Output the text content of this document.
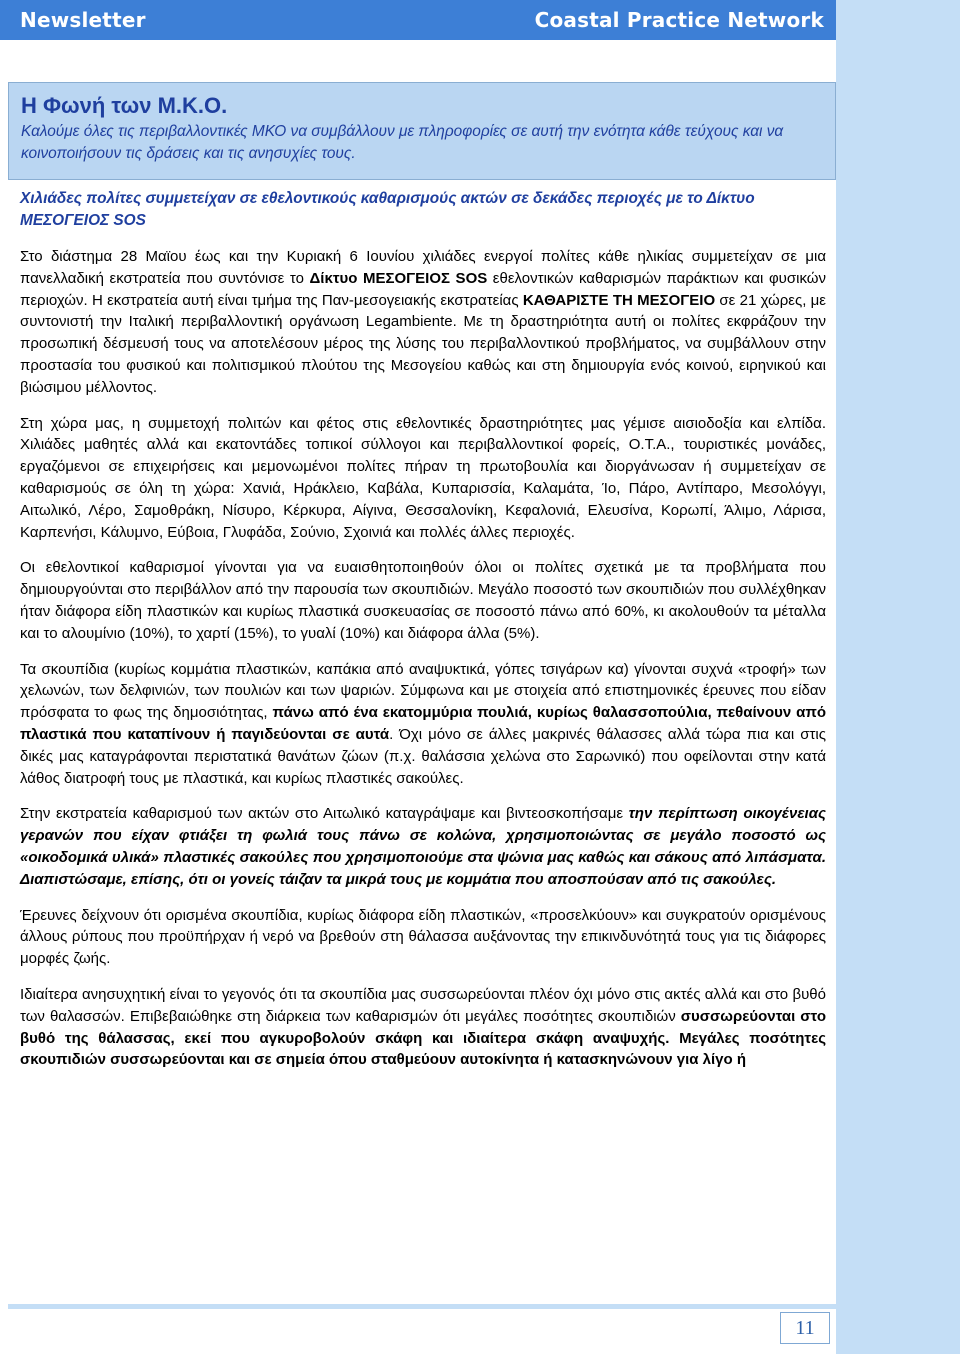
Newsletter	Coastal Practice Network
Η Φωνή των Μ.Κ.Ο.
Καλούμε όλες τις περιβαλλοντικές ΜΚΟ να συμβάλλουν με πληροφορίες σε αυτή την ενότητα κάθε τεύχους και να κοινοποιήσουν τις δράσεις και τις ανησυχίες τους.
Χιλιάδες πολίτες συμμετείχαν σε εθελοντικούς καθαρισμούς ακτών σε δεκάδες περιοχές με το Δίκτυο ΜΕΣΟΓΕΙΟΣ SOS

Στο διάστημα 28 Μαϊου έως και την Κυριακή 6 Ιουνίου χιλιάδες ενεργοί πολίτες κάθε ηλικίας συμμετείχαν σε μια πανελλαδική εκστρατεία που συντόνισε το Δίκτυο ΜΕΣΟΓΕΙΟΣ SOS εθελοντικών καθαρισμών παράκτιων και φυσικών περιοχών. Η εκστρατεία αυτή είναι τμήμα της Παν-μεσογειακής εκστρατείας ΚΑΘΑΡΙΣΤΕ ΤΗ ΜΕΣΟΓΕΙΟ σε 21 χώρες, με συντονιστή την Ιταλική περιβαλλοντική οργάνωση Legambiente. Με τη δραστηριότητα αυτή οι πολίτες εκφράζουν την προσωπική δέσμευσή τους να αποτελέσουν μέρος της λύσης του περιβαλλοντικού προβλήματος, να συμβάλλουν στην προστασία του φυσικού και πολιτισμικού πλούτου της Μεσογείου καθώς και στη δημιουργία ενός κοινού, ειρηνικού και βιώσιμου μέλλοντος.

Στη χώρα μας, η συμμετοχή πολιτών και φέτος στις εθελοντικές δραστηριότητες μας γέμισε αισιοδοξία και ελπίδα. Χιλιάδες μαθητές αλλά και εκατοντάδες τοπικοί σύλλογοι και περιβαλλοντικοί φορείς, Ο.Τ.Α., τουριστικές μονάδες, εργαζόμενοι σε επιχειρήσεις και μεμονωμένοι πολίτες πήραν τη πρωτοβουλία και διοργάνωσαν ή συμμετείχαν σε καθαρισμούς σε όλη τη χώρα: Χανιά, Ηράκλειο, Καβάλα, Κυπαρισσία, Καλαμάτα, Ίο, Πάρο, Αντίπαρο, Μεσολόγγι, Αιτωλικό, Λέρο, Σαμοθράκη, Νίσυρο, Κέρκυρα, Αίγινα, Θεσσαλονίκη, Κεφαλονιά, Ελευσίνα, Κορωπί, Άλιμο, Λάρισα, Καρπενήσι, Κάλυμνο, Εύβοια, Γλυφάδα, Σούνιο, Σχοινιά και πολλές άλλες περιοχές.

Οι εθελοντικοί καθαρισμοί γίνονται για να ευαισθητοποιηθούν όλοι οι πολίτες σχετικά με τα προβλήματα που δημιουργούνται στο περιβάλλον από την παρουσία των σκουπιδιών. Μεγάλο ποσοστό των σκουπιδιών που συλλέχθηκαν ήταν διάφορα είδη πλαστικών και κυρίως πλαστικά συσκευασίας σε ποσοστό πάνω από 60%, κι ακολουθούν τα μέταλλα και το αλουμίνιο (10%), το χαρτί (15%), το γυαλί (10%) και διάφορα άλλα (5%).

Τα σκουπίδια (κυρίως κομμάτια πλαστικών, καπάκια από αναψυκτικά, γόπες τσιγάρων κα) γίνονται συχνά «τροφή» των χελωνών, των δελφινιών, των πουλιών και των ψαριών. Σύμφωνα και με στοιχεία από επιστημονικές έρευνες που είδαν πρόσφατα το φως της δημοσιότητας, πάνω από ένα εκατομμύρια πουλιά, κυρίως θαλασσοπούλια, πεθαίνουν από πλαστικά που καταπίνουν ή παγιδεύονται σε αυτά. Όχι μόνο σε άλλες μακρινές θάλασσες αλλά τώρα πια και στις δικές μας καταγράφονται περιστατικά θανάτων ζώων (π.χ. θαλάσσια χελώνα στο Σαρωνικό) που οφείλονται στην κατά λάθος διατροφή τους με πλαστικά, και κυρίως πλαστικές σακούλες.

Στην εκστρατεία καθαρισμού των ακτών στο Αιτωλικό καταγράψαμε και βιντεοσκοπήσαμε την περίπτωση οικογένειας γερανών που είχαν φτιάξει τη φωλιά τους πάνω σε κολώνα, χρησιμοποιώντας σε μεγάλο ποσοστό ως «οικοδομικά υλικά» πλαστικές σακούλες που χρησιμοποιούμε στα ψώνια μας καθώς και σάκους από λιπάσματα. Διαπιστώσαμε, επίσης, ότι οι γονείς τάιζαν τα μικρά τους με κομμάτια που αποσπούσαν από τις σακούλες.

Έρευνες δείχνουν ότι ορισμένα σκουπίδια, κυρίως διάφορα είδη πλαστικών, «προσελκύουν» και συγκρατούν ορισμένους άλλους ρύπους που προϋπήρχαν ή νερό να βρεθούν στη θάλασσα αυξάνοντας την επικινδυνότητά τους για τις διάφορες μορφές ζωής.

Ιδιαίτερα ανησυχητική είναι το γεγονός ότι τα σκουπίδια μας συσσωρεύονται πλέον όχι μόνο στις ακτές αλλά και στο βυθό των θαλασσών. Επιβεβαιώθηκε στη διάρκεια των καθαρισμών ότι μεγάλες ποσότητες σκουπιδιών συσσωρεύονται στο βυθό της θάλασσας, εκεί που αγκυροβολούν σκάφη και ιδιαίτερα σκάφη αναψυχής. Μεγάλες ποσότητες σκουπιδιών συσσωρεύονται και σε σημεία όπου σταθμεύουν αυτοκίνητα ή κατασκηνώνουν για λίγο ή

11
